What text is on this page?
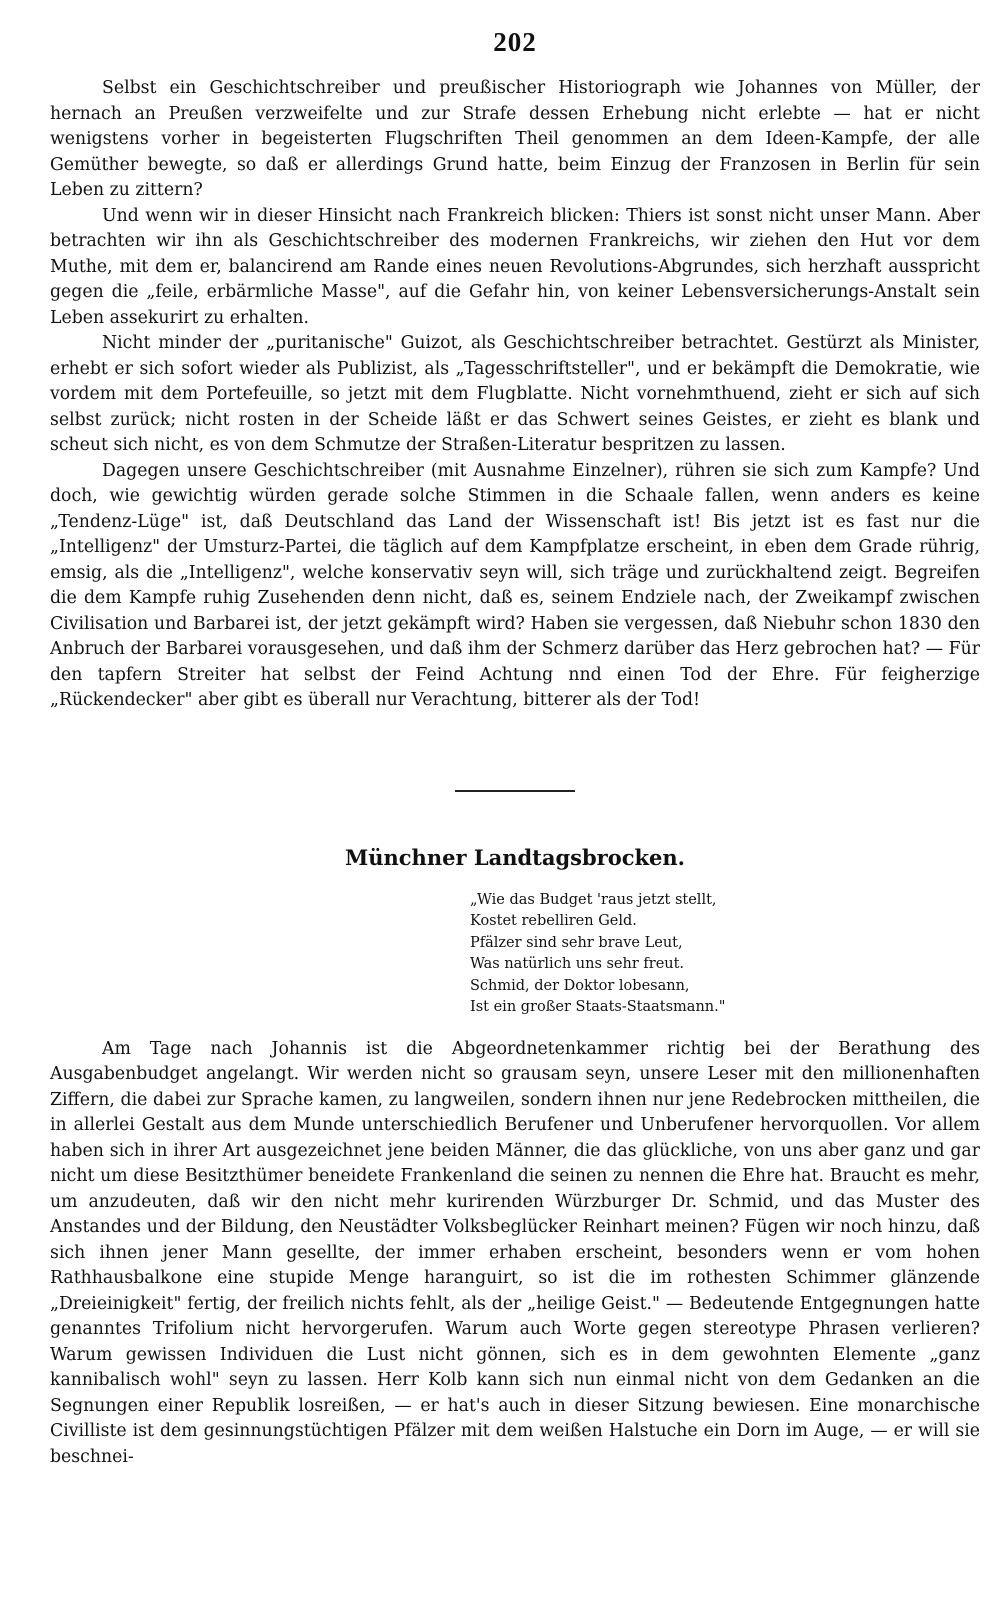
202

Selbst ein Geschichtschreiber und preußischer Historiograph wie Johannes von Müller, der hernach an Preußen verzweifelte und zur Strafe dessen Erhebung nicht erlebte — hat er nicht wenigstens vorher in begeisterten Flugschriften Theil genommen an dem Ideen-Kampfe, der alle Gemüther bewegte, so daß er allerdings Grund hatte, beim Einzug der Franzosen in Berlin für sein Leben zu zittern?

Und wenn wir in dieser Hinsicht nach Frankreich blicken: Thiers ist sonst nicht unser Mann. Aber betrachten wir ihn als Geschichtschreiber des modernen Frankreichs, wir ziehen den Hut vor dem Muthe, mit dem er, balancirend am Rande eines neuen Revolutions-Abgrundes, sich herzhaft ausspricht gegen die „feile, erbärmliche Masse", auf die Gefahr hin, von keiner Lebensversicherungs-Anstalt sein Leben assekurirt zu erhalten.

Nicht minder der „puritanische" Guizot, als Geschichtschreiber betrachtet. Gestürzt als Minister, erhebt er sich sofort wieder als Publizist, als „Tagesschriftsteller", und er bekämpft die Demokratie, wie vordem mit dem Portefeuille, so jetzt mit dem Flugblatte. Nicht vornehmthuend, zieht er sich auf sich selbst zurück; nicht rosten in der Scheide läßt er das Schwert seines Geistes, er zieht es blank und scheut sich nicht, es von dem Schmutze der Straßen-Literatur bespritzen zu lassen.

Dagegen unsere Geschichtschreiber (mit Ausnahme Einzelner), rühren sie sich zum Kampfe? Und doch, wie gewichtig würden gerade solche Stimmen in die Schaale fallen, wenn anders es keine „Tendenz-Lüge" ist, daß Deutschland das Land der Wissenschaft ist! Bis jetzt ist es fast nur die „Intelligenz" der Umsturz-Partei, die täglich auf dem Kampfplatze erscheint, in eben dem Grade rührig, emsig, als die „Intelligenz", welche konservativ seyn will, sich träge und zurückhaltend zeigt. Begreifen die dem Kampfe ruhig Zusehenden denn nicht, daß es, seinem Endziele nach, der Zweikampf zwischen Civilisation und Barbarei ist, der jetzt gekämpft wird? Haben sie vergessen, daß Niebuhr schon 1830 den Anbruch der Barbarei vorausgesehen, und daß ihm der Schmerz darüber das Herz gebrochen hat? — Für den tapfern Streiter hat selbst der Feind Achtung nnd einen Tod der Ehre. Für feigherzige „Rückendecker" aber gibt es überall nur Verachtung, bitterer als der Tod!

Münchner Landtagsbrocken.
„Wie das Budget 'raus jetzt stellt,
Kostet rebelliren Geld.
Pfälzer sind sehr brave Leut,
Was natürlich uns sehr freut.
Schmid, der Doktor lobesann,
Ist ein großer Staats-Staatsmann."

Am Tage nach Johannis ist die Abgeordnetenkammer richtig bei der Berathung des Ausgabenbudget angelangt. Wir werden nicht so grausam seyn, unsere Leser mit den millionenhaften Ziffern, die dabei zur Sprache kamen, zu langweilen, sondern ihnen nur jene Redebrocken mittheilen, die in allerlei Gestalt aus dem Munde unterschiedlich Berufener und Unberufener hervorquollen. Vor allem haben sich in ihrer Art ausgezeichnet jene beiden Männer, die das glückliche, von uns aber ganz und gar nicht um diese Besitzthümer beneidete Frankenland die seinen zu nennen die Ehre hat. Braucht es mehr, um anzudeuten, daß wir den nicht mehr kurirenden Würzburger Dr. Schmid, und das Muster des Anstandes und der Bildung, den Neustädter Volksbeglücker Reinhart meinen? Fügen wir noch hinzu, daß sich ihnen jener Mann gesellte, der immer erhaben erscheint, besonders wenn er vom hohen Rathhausbalkone eine stupide Menge haranguirt, so ist die im rothesten Schimmer glänzende „Dreieinigkeit" fertig, der freilich nichts fehlt, als der „heilige Geist." — Bedeutende Entgegnungen hatte genanntes Trifolium nicht hervorgerufen. Warum auch Worte gegen stereotype Phrasen verlieren? Warum gewissen Individuen die Lust nicht gönnen, sich es in dem gewohnten Elemente „ganz kannibalisch wohl" seyn zu lassen. Herr Kolb kann sich nun einmal nicht von dem Gedanken an die Segnungen einer Republik losreißen, — er hat's auch in dieser Sitzung bewiesen. Eine monarchische Civilliste ist dem gesinnungstüchtigen Pfälzer mit dem weißen Halstuche ein Dorn im Auge, — er will sie beschnei-
